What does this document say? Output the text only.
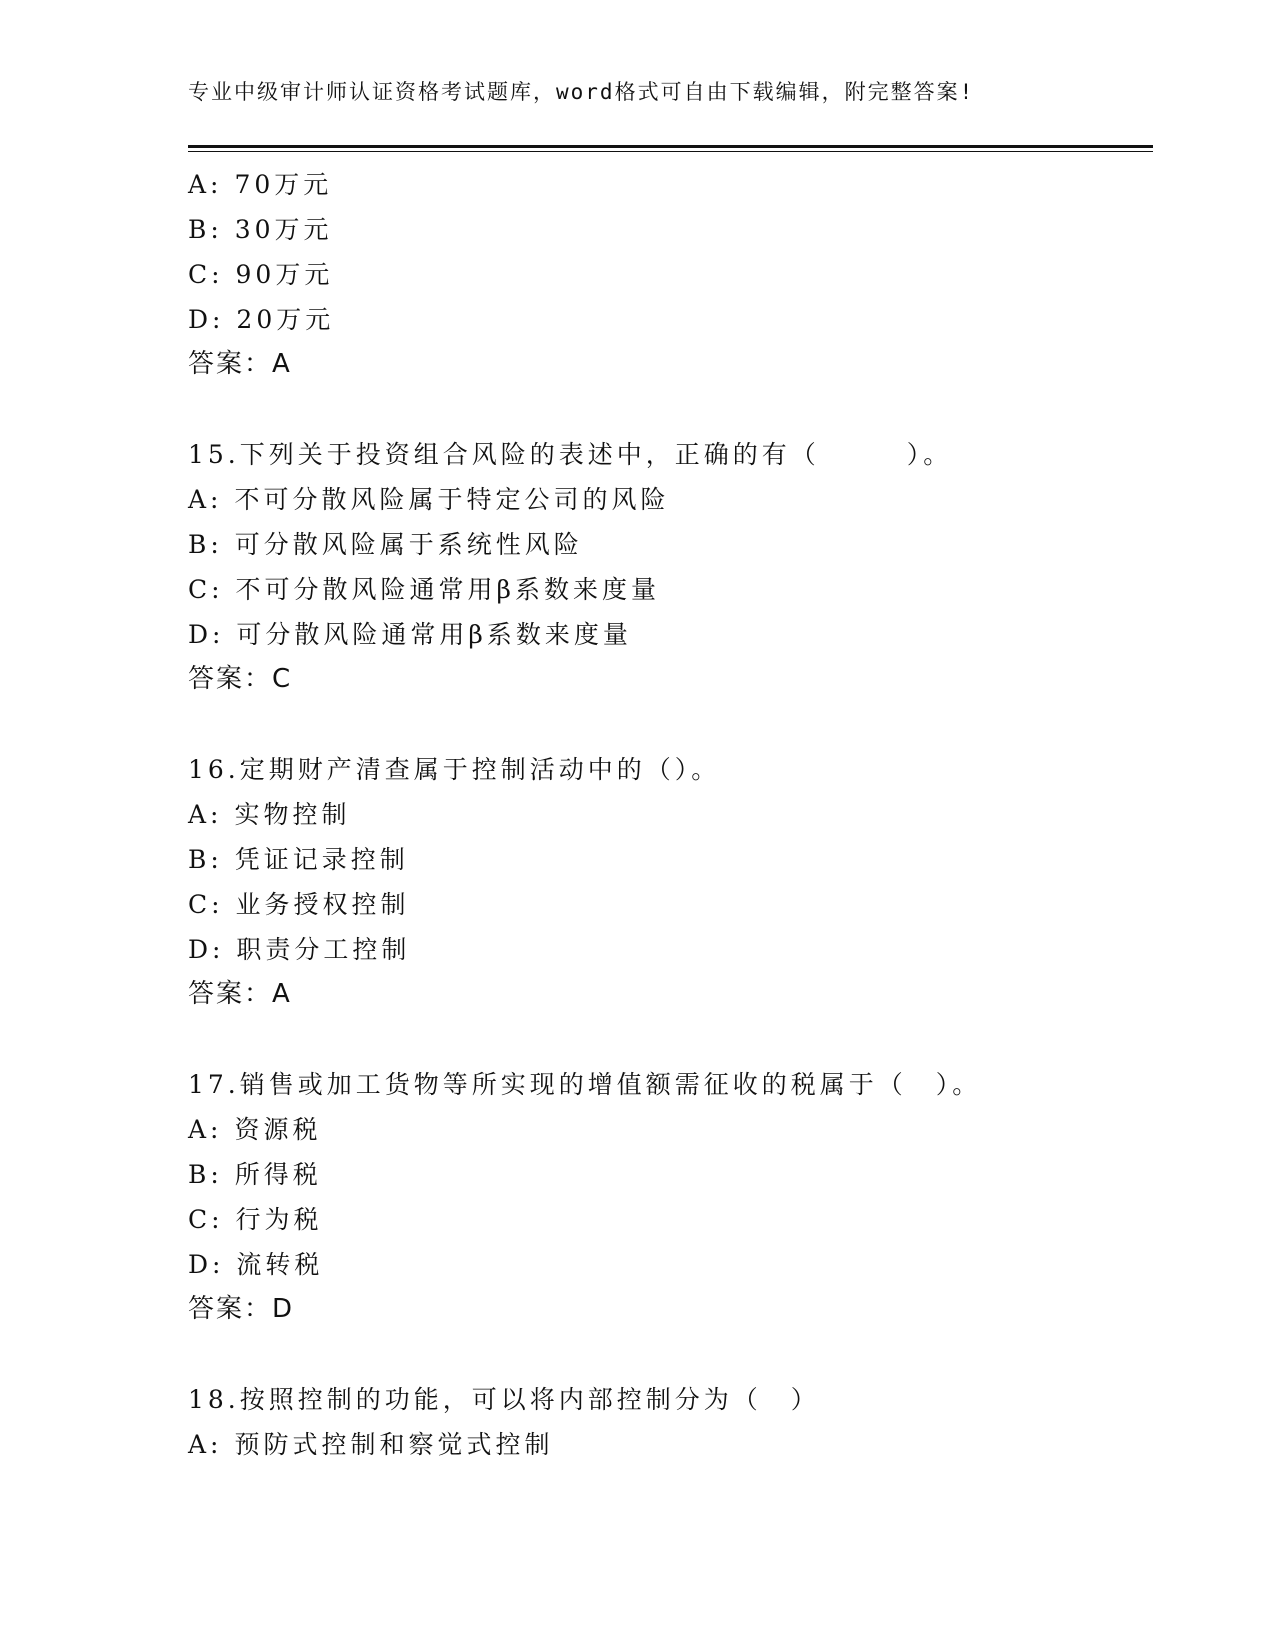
专业中级审计师认证资格考试题库，word格式可自由下载编辑，附完整答案!
A: 70万元
B: 30万元
C: 90万元
D: 20万元
答案：A
15.下列关于投资组合风险的表述中，正确的有（　　　）。
A: 不可分散风险属于特定公司的风险
B: 可分散风险属于系统性风险
C: 不可分散风险通常用β系数来度量
D: 可分散风险通常用β系数来度量
答案：C
16.定期财产清查属于控制活动中的（）。
A: 实物控制
B: 凭证记录控制
C: 业务授权控制
D: 职责分工控制
答案：A
17.销售或加工货物等所实现的增值额需征收的税属于（　）。
A: 资源税
B: 所得税
C: 行为税
D: 流转税
答案：D
18.按照控制的功能，可以将内部控制分为（　）
A: 预防式控制和察觉式控制
